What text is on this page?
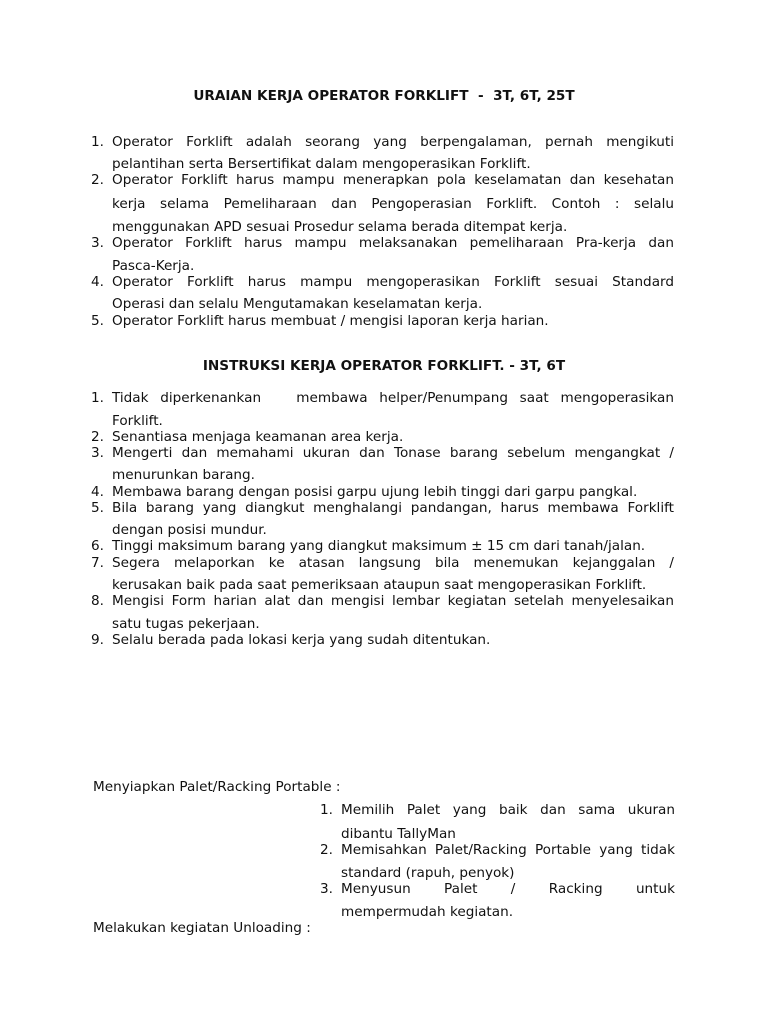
URAIAN KERJA OPERATOR FORKLIFT  -  3T, 6T, 25T
1. Operator Forklift adalah seorang yang berpengalaman, pernah mengikuti
pelantihan serta Bersertifikat dalam mengoperasikan Forklift.
2. Operator Forklift harus mampu menerapkan pola keselamatan dan kesehatan
kerja selama Pemeliharaan dan Pengoperasian Forklift. Contoh : selalu
menggunakan APD sesuai Prosedur selama berada ditempat kerja.
3. Operator Forklift harus mampu melaksanakan pemeliharaan Pra-kerja dan
Pasca-Kerja.
4. Operator Forklift harus mampu mengoperasikan Forklift sesuai Standard
Operasi dan selalu Mengutamakan keselamatan kerja.
5. Operator Forklift harus membuat / mengisi laporan kerja harian.
INSTRUKSI KERJA OPERATOR FORKLIFT. - 3T, 6T
1. Tidak diperkenankan   membawa helper/Penumpang saat mengoperasikan
Forklift.
2. Senantiasa menjaga keamanan area kerja.
3. Mengerti dan memahami ukuran dan Tonase barang sebelum mengangkat /
menurunkan barang.
4. Membawa barang dengan posisi garpu ujung lebih tinggi dari garpu pangkal.
5. Bila barang yang diangkut menghalangi pandangan, harus membawa Forklift
dengan posisi mundur.
6. Tinggi maksimum barang yang diangkut maksimum ± 15 cm dari tanah/jalan.
7. Segera melaporkan ke atasan langsung bila menemukan kejanggalan /
kerusakan baik pada saat pemeriksaan ataupun saat mengoperasikan Forklift.
8. Mengisi Form harian alat dan mengisi lembar kegiatan setelah menyelesaikan
satu tugas pekerjaan.
9. Selalu berada pada lokasi kerja yang sudah ditentukan.
Menyiapkan Palet/Racking Portable :
1. Memilih Palet yang baik dan sama ukuran
dibantu TallyMan
2. Memisahkan Palet/Racking Portable yang tidak
standard (rapuh, penyok)
3. Menyusun   Palet   /   Racking   untuk
mempermudah kegiatan.
Melakukan kegiatan Unloading :
